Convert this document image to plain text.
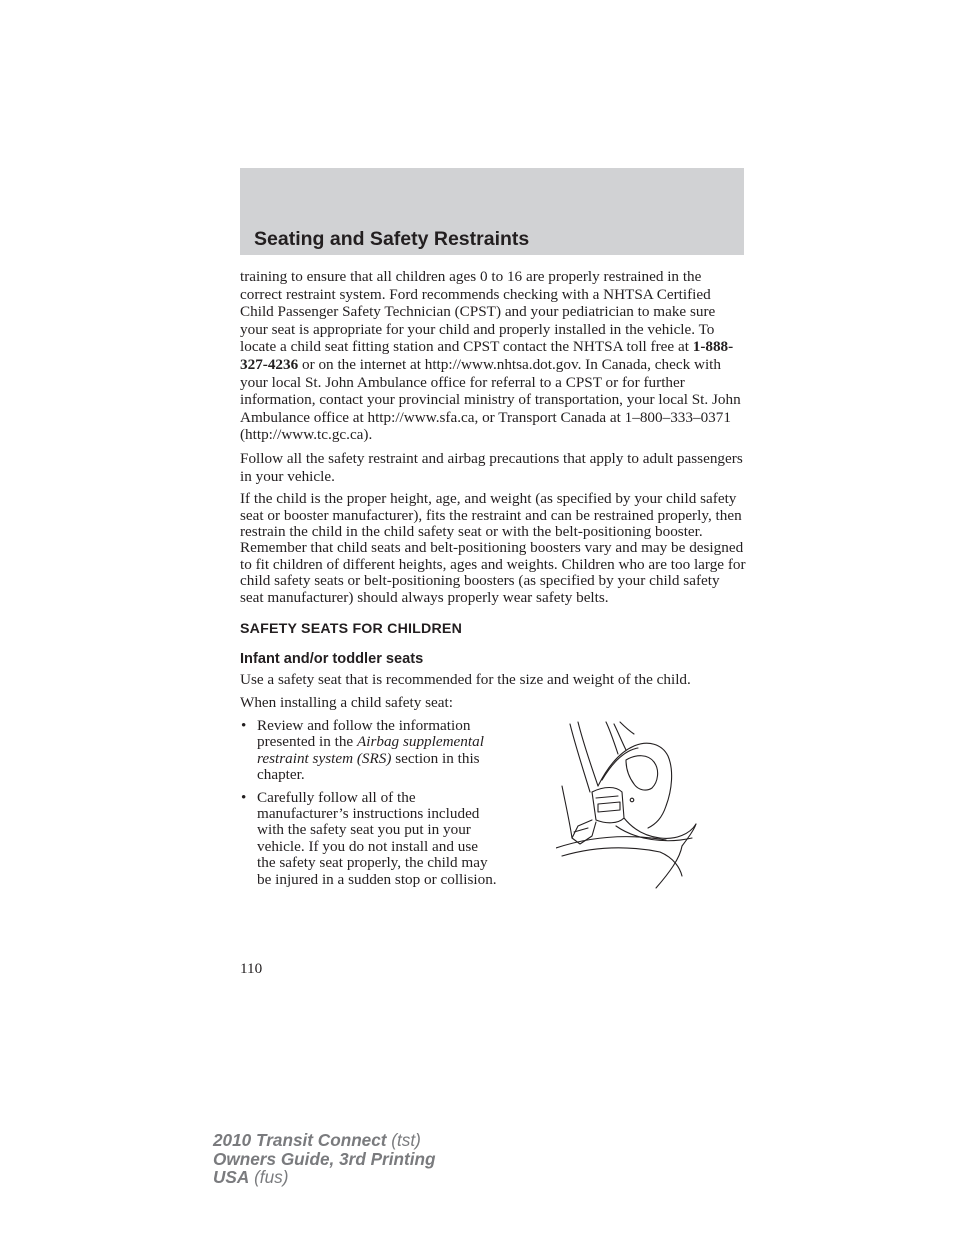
Seating and Safety Restraints

training to ensure that all children ages 0 to 16 are properly restrained in the correct restraint system. Ford recommends checking with a NHTSA Certified Child Passenger Safety Technician (CPST) and your pediatrician to make sure your seat is appropriate for your child and properly installed in the vehicle. To locate a child seat fitting station and CPST contact the NHTSA toll free at 1-888-327-4236 or on the internet at http://www.nhtsa.dot.gov. In Canada, check with your local St. John Ambulance office for referral to a CPST or for further information, contact your provincial ministry of transportation, your local St. John Ambulance office at http://www.sfa.ca, or Transport Canada at 1–800–333–0371 (http://www.tc.gc.ca).

Follow all the safety restraint and airbag precautions that apply to adult passengers in your vehicle.

If the child is the proper height, age, and weight (as specified by your child safety seat or booster manufacturer), fits the restraint and can be restrained properly, then restrain the child in the child safety seat or with the belt-positioning booster. Remember that child seats and belt-positioning boosters vary and may be designed to fit children of different heights, ages and weights. Children who are too large for child safety seats or belt-positioning boosters (as specified by your child safety seat manufacturer) should always properly wear safety belts.

SAFETY SEATS FOR CHILDREN
Infant and/or toddler seats

Use a safety seat that is recommended for the size and weight of the child.

When installing a child safety seat:

• Review and follow the information presented in the Airbag supplemental restraint system (SRS) section in this chapter.
• Carefully follow all of the manufacturer’s instructions included with the safety seat you put in your vehicle. If you do not install and use the safety seat properly, the child may be injured in a sudden stop or collision.
110
2010 Transit Connect (tst)
Owners Guide, 3rd Printing
USA (fus)
